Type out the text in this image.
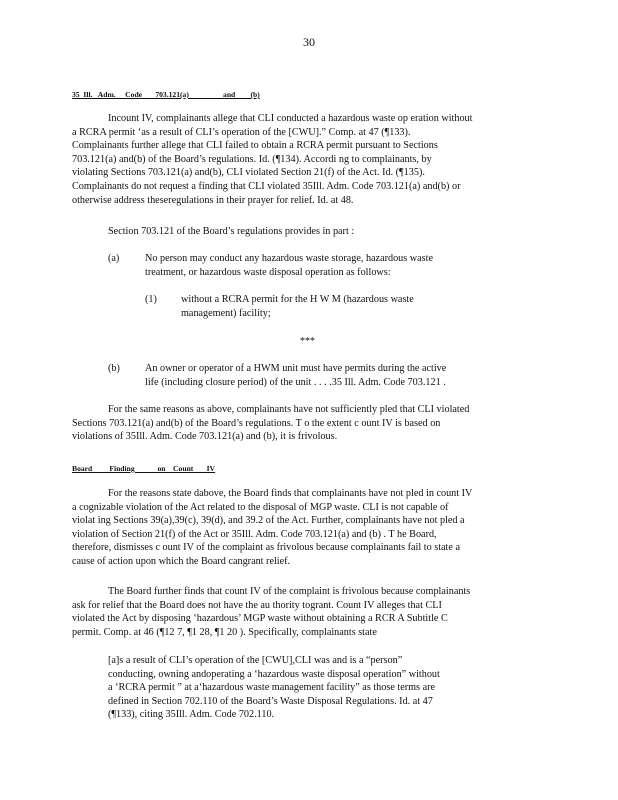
30
35  Ill.   Adm.     Code       703.121(a)                  and        (b)
Incount IV, complainants allege that CLI conducted a hazardous waste op eration without
a RCRA permit ‘as a result of CLI’s operation of the [CWU].” Comp. at 47 (¶133).
Complainants further allege that CLI failed to obtain a RCRA permit pursuant to Sections
703.121(a) and(b) of the Board’s regulations. Id. (¶134). Accordi ng to complainants, by
violating Sections 703.121(a) and(b), CLI violated Section 21(f) of the Act. Id. (¶135).
Complainants do not request a finding that CLI violated 35Ill. Adm. Code 703.121(a) and(b) or
otherwise address theseregulations in their prayer for relief. Id. at 48.
Section 703.121 of the Board’s regulations provides in part :
(a)	No person may conduct any hazardous waste storage, hazardous waste
treatment, or hazardous waste disposal operation as follows:
(1) without a RCRA permit for the H W M (hazardous waste
management) facility;
***
(b) An owner or operator of a HWM unit must have permits during the active
life (including closure period) of the unit . . . .35 Ill. Adm. Code 703.121 .
For the same reasons as above, complainants have not sufficiently pled that CLI violated
Sections 703.121(a) and(b) of the Board’s regulations. T o the extent c ount IV is based on
violations of 35Ill. Adm. Code 703.121(a) and (b), it is frivolous.
Board         Finding            on    Count       IV
For the reasons state dabove, the Board finds that complainants have not pled in count IV
a cognizable violation of the Act related to the disposal of MGP waste. CLI is not capable of
violat ing Sections 39(a),39(c), 39(d), and 39.2 of the Act. Further, complainants have not pled a
violation of Section 21(f) of the Act or 35Ill. Adm. Code 703.121(a) and (b) . T he Board,
therefore, dismisses c ount IV of the complaint as frivolous because complainants fail to state a
cause of action upon which the Board cangrant relief.
The Board further finds that count IV of the complaint is frivolous because complainants
ask for relief that the Board does not have the au thority togrant. Count IV alleges that CLI
violated the Act by disposing ‘hazardous’ MGP waste without obtaining a RCR A Subtitle C
permit. Comp. at 46 (¶12 7, ¶1 28, ¶1 20 ). Specifically, complainants state
[a]s a result of CLI’s operation of the [CWU],CLI was and is a “person”
conducting, owning andoperating a ‘hazardous waste disposal operation” without
a ‘RCRA permit ” at a‘hazardous waste management facility” as those terms are
defined in Section 702.110 of the Board’s Waste Disposal Regulations. Id. at 47
(¶133), citing 35Ill. Adm. Code 702.110.
